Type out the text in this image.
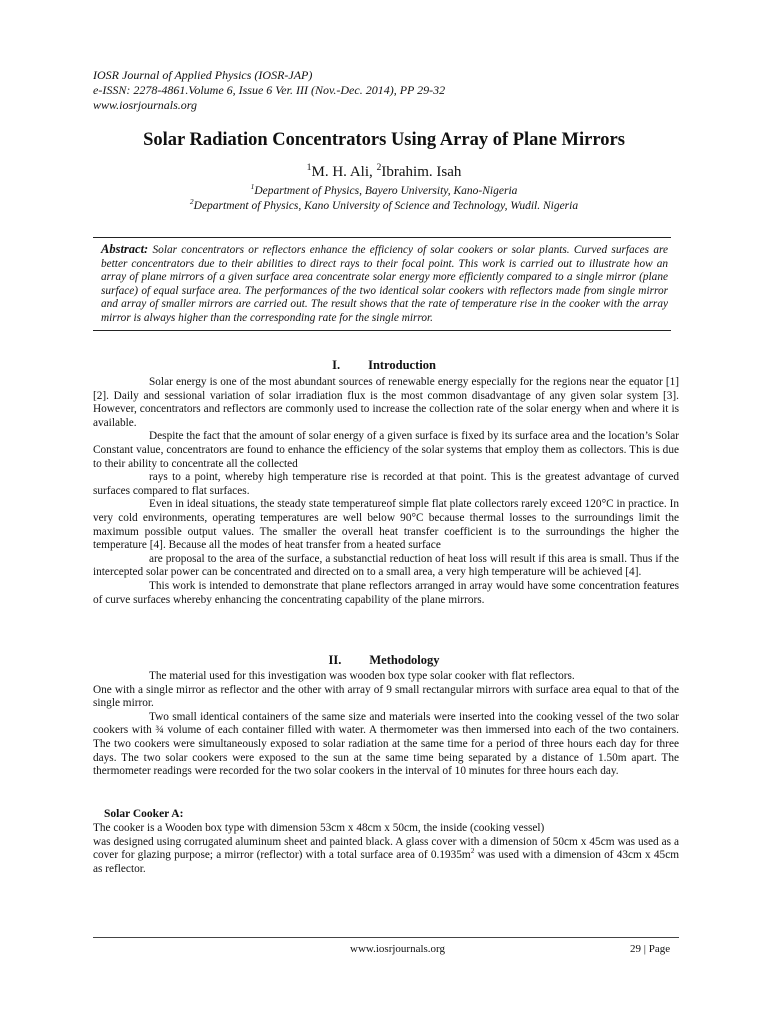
IOSR Journal of Applied Physics (IOSR-JAP)
e-ISSN: 2278-4861.Volume 6, Issue 6 Ver. III (Nov.-Dec. 2014), PP 29-32
www.iosrjournals.org
Solar Radiation Concentrators Using Array of Plane Mirrors
$^1$M. H. Ali, $^2$Ibrahim. Isah
$^1$Department of Physics, Bayero University, Kano-Nigeria
$^2$Department of Physics, Kano University of Science and Technology, Wudil. Nigeria

Abstract: Solar concentrators or reflectors enhance the efficiency of solar cookers or solar plants. Curved surfaces are better concentrators due to their abilities to direct rays to their focal point. This work is carried out to illustrate how an array of plane mirrors of a given surface area concentrate solar energy more efficiently compared to a single mirror (plane surface) of equal surface area. The performances of the two identical solar cookers with reflectors made from single mirror and array of smaller mirrors are carried out. The result shows that the rate of temperature rise in the cooker with the array mirror is always higher than the corresponding rate for the single mirror.

I. Introduction

Solar energy is one of the most abundant sources of renewable energy especially for the regions near the equator [1][2]. Daily and sessional variation of solar irradiation flux is the most common disadvantage of any given solar system [3]. However, concentrators and reflectors are commonly used to increase the collection rate of the solar energy when and where it is available.

Despite the fact that the amount of solar energy of a given surface is fixed by its surface area and the location’s Solar Constant value, concentrators are found to enhance the efficiency of the solar systems that employ them as collectors. This is due to their ability to concentrate all the collected

rays to a point, whereby high temperature rise is recorded at that point. This is the greatest advantage of curved surfaces compared to flat surfaces.

Even in ideal situations, the steady state temperatureof simple flat plate collectors rarely exceed 120°C in practice. In very cold environments, operating temperatures are well below 90°C because thermal losses to the surroundings limit the maximum possible output values. The smaller the overall heat transfer coefficient is to the surroundings the higher the temperature [4]. Because all the modes of heat transfer from a heated surface

are proposal to the area of the surface, a substanctial reduction of heat loss will result if this area is small. Thus if the intercepted solar power can be concentrated and directed on to a small area, a very high temperature will be achieved [4].

This work is intended to demonstrate that plane reflectors arranged in array would have some concentration features of curve surfaces whereby enhancing the concentrating capability of the plane mirrors.

II. Methodology

The material used for this investigation was wooden box type solar cooker with flat reflectors.

One with a single mirror as reflector and the other with array of 9 small rectangular mirrors with surface area equal to that of the single mirror.

Two small identical containers of the same size and materials were inserted into the cooking vessel of the two solar cookers with ¾ volume of each container filled with water. A thermometer was then immersed into each of the two containers. The two cookers were simultaneously exposed to solar radiation at the same time for a period of three hours each day for three days. The two solar cookers were exposed to the sun at the same time being separated by a distance of 1.50m apart. The thermometer readings were recorded for the two solar cookers in the interval of 10 minutes for three hours each day.

Solar Cooker A:

The cooker is a Wooden box type with dimension 53cm x 48cm x 50cm, the inside (cooking vessel)

was designed using corrugated aluminum sheet and painted black. A glass cover with a dimension of 50cm x 45cm was used as a cover for glazing purpose; a mirror (reflector) with a total surface area of $0.1935m^2$ was used with a dimension of 43cm x 45cm as reflector.

www.iosrjournals.org	29 | Page
